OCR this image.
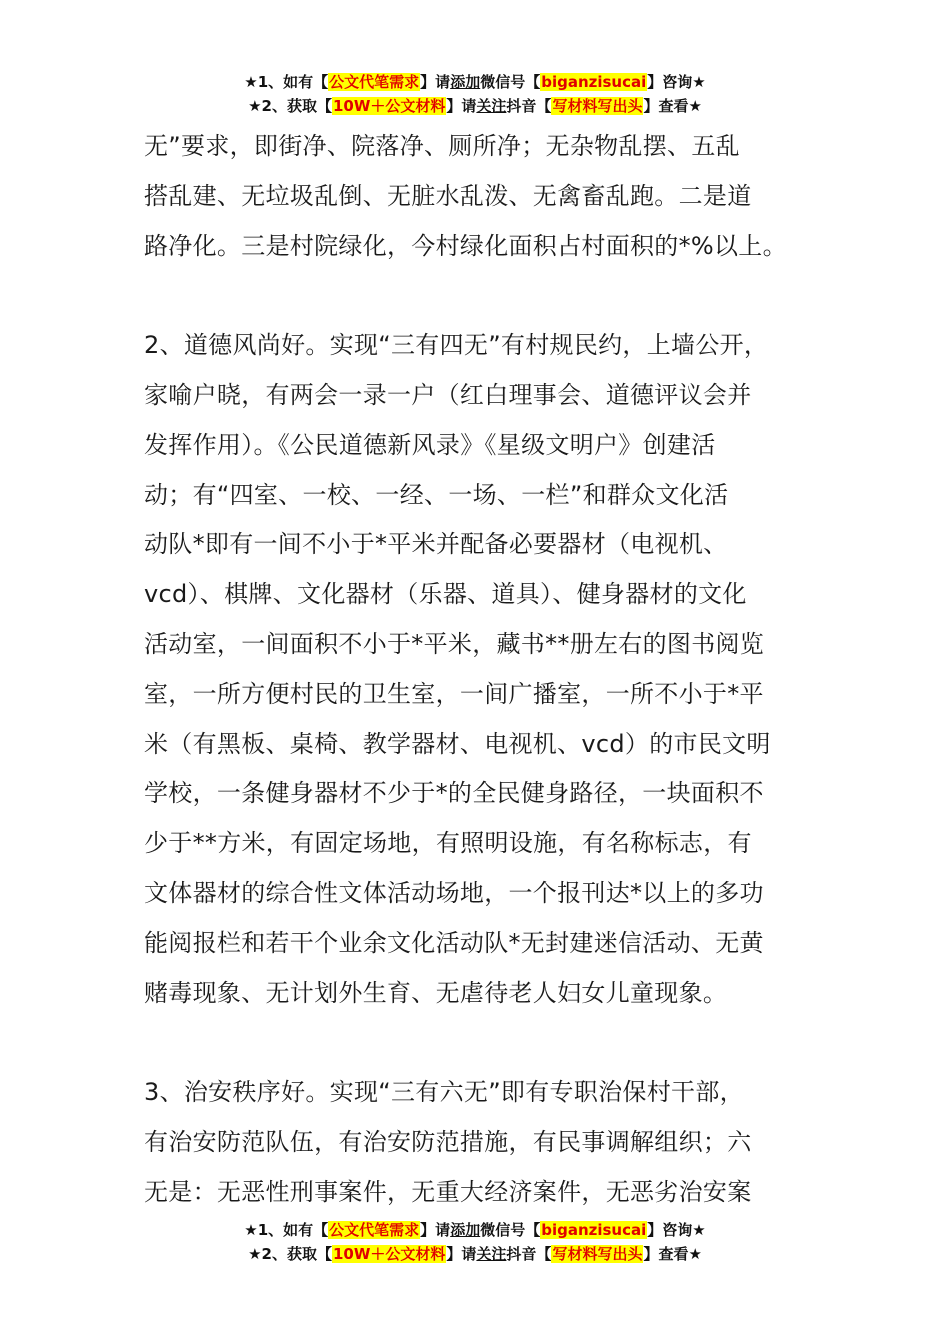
★1、如有【公文代笔需求】请添加微信号【biganzisucai】咨询★
★2、获取【10W＋公文材料】请关注抖音【写材料写出头】查看★
无”要求，即街净、院落净、厕所净；无杂物乱摆、五乱
搭乱建、无垃圾乱倒、无脏水乱泼、无禽畜乱跑。二是道
路净化。三是村院绿化，今村绿化面积占村面积的*%以上。
2、道德风尚好。实现“三有四无”有村规民约，上墙公开，
家喻户晓，有两会一录一户（红白理事会、道德评议会并
发挥作用）。《公民道德新风录》《星级文明户》创建活
动；有“四室、一校、一经、一场、一栏”和群众文化活
动队*即有一间不小于*平米并配备必要器材（电视机、
vcd）、棋牌、文化器材（乐器、道具）、健身器材的文化
活动室，一间面积不小于*平米，藏书**册左右的图书阅览
室，一所方便村民的卫生室，一间广播室，一所不小于*平
米（有黑板、桌椅、教学器材、电视机、vcd）的市民文明
学校，一条健身器材不少于*的全民健身路径，一块面积不
少于**方米，有固定场地，有照明设施，有名称标志，有
文体器材的综合性文体活动场地，一个报刊达*以上的多功
能阅报栏和若干个业余文化活动队*无封建迷信活动、无黄
赌毒现象、无计划外生育、无虐待老人妇女儿童现象。
3、治安秩序好。实现“三有六无”即有专职治保村干部，
有治安防范队伍，有治安防范措施，有民事调解组织；六
无是：无恶性刑事案件，无重大经济案件，无恶劣治安案
★1、如有【公文代笔需求】请添加微信号【biganzisucai】咨询★
★2、获取【10W＋公文材料】请关注抖音【写材料写出头】查看★
